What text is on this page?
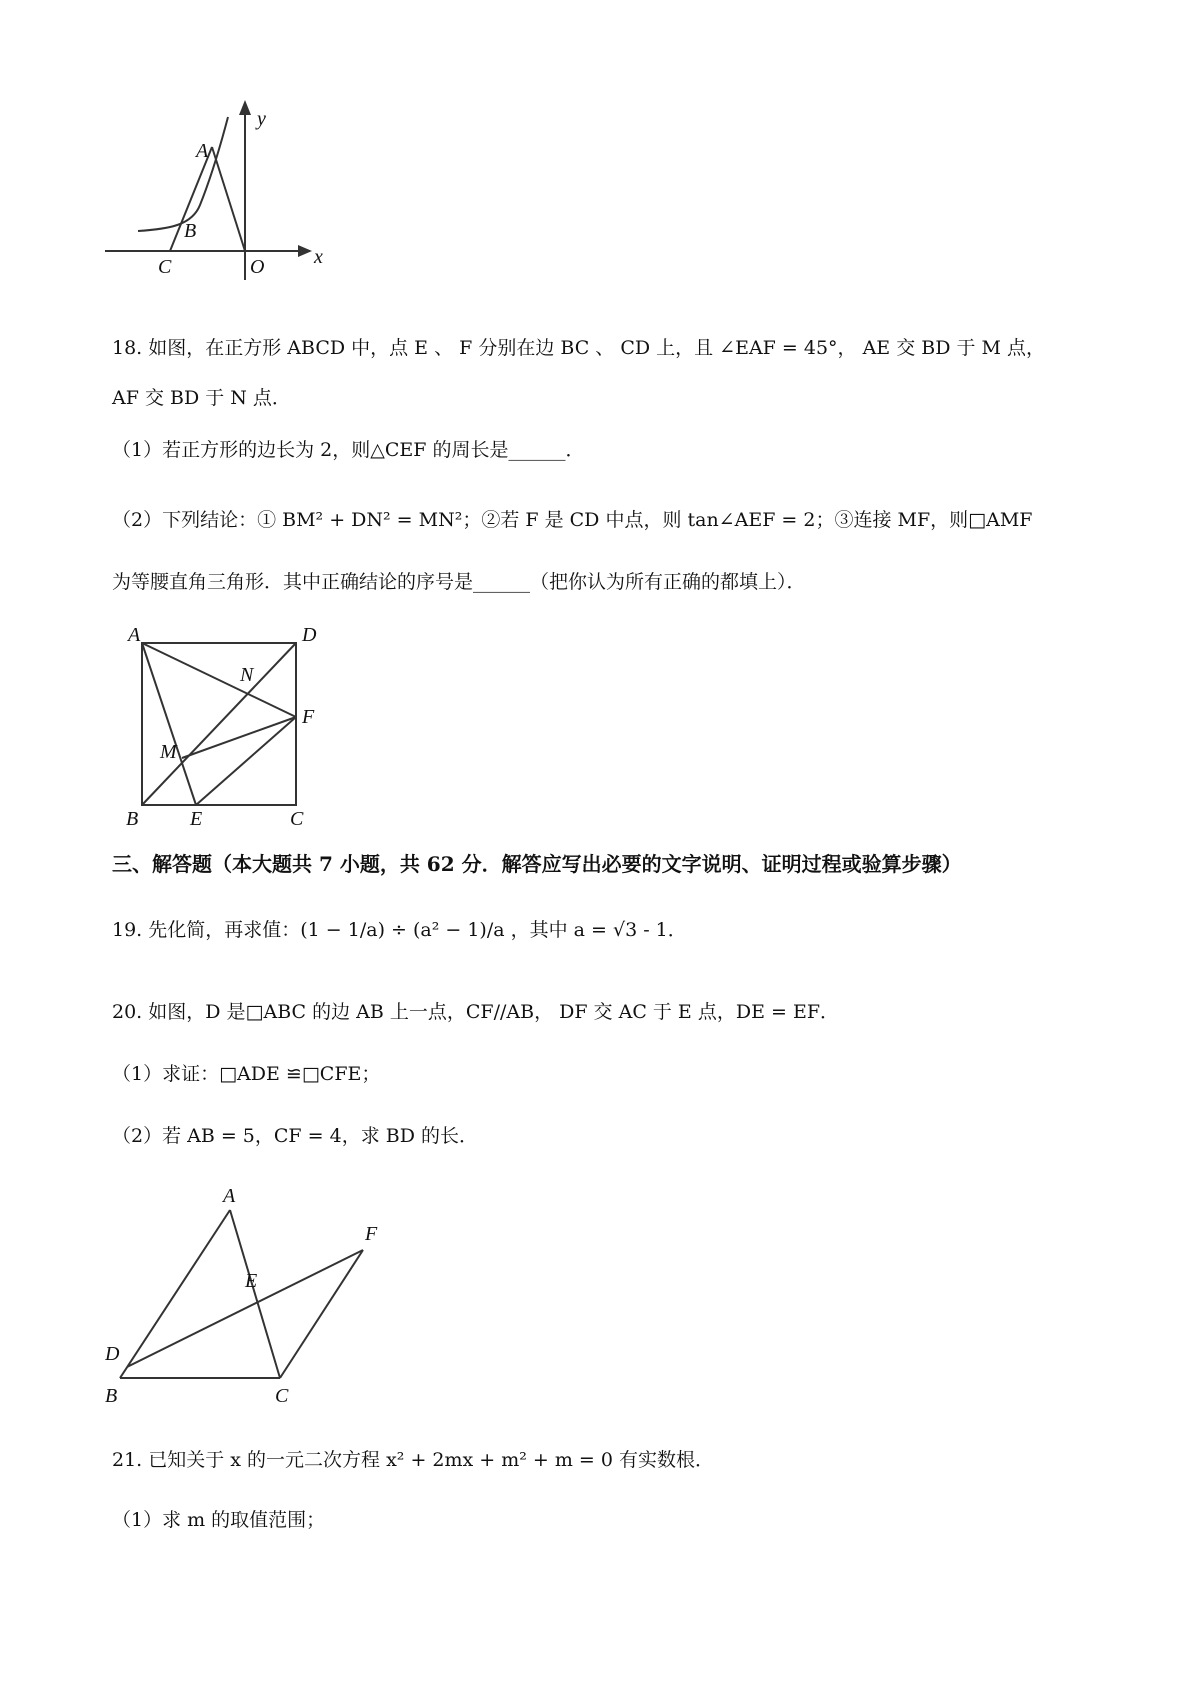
y
x
A
B
C	O
18. 如图，在正方形 ABCD 中，点 E 、 F 分别在边 BC 、 CD 上，且 ∠EAF = 45°， AE 交 BD 于 M 点，
AF 交 BD 于 N 点．
（1）若正方形的边长为 2，则△CEF 的周长是______．
（2）下列结论：① BM² + DN² = MN²；②若 F 是 CD 中点，则 tan∠AEF = 2；③连接 MF，则□AMF
为等腰直角三角形．其中正确结论的序号是______（把你认为所有正确的都填上）．
A	D
N
F
M
B	E	C
三、解答题（本大题共 7 小题，共 62 分．解答应写出必要的文字说明、证明过程或验算步骤）
19. 先化简，再求值：(1 − 1/a) ÷ (a² − 1)/a ，其中 a = √3 - 1．
20. 如图，D 是□ABC 的边 AB 上一点，CF//AB， DF 交 AC 于 E 点，DE = EF．
（1）求证：□ADE ≌□CFE；
（2）若 AB = 5，CF = 4，求 BD 的长．
A
F
E
D
B	C
21. 已知关于 x 的一元二次方程 x² + 2mx + m² + m = 0 有实数根．
（1）求 m 的取值范围；
